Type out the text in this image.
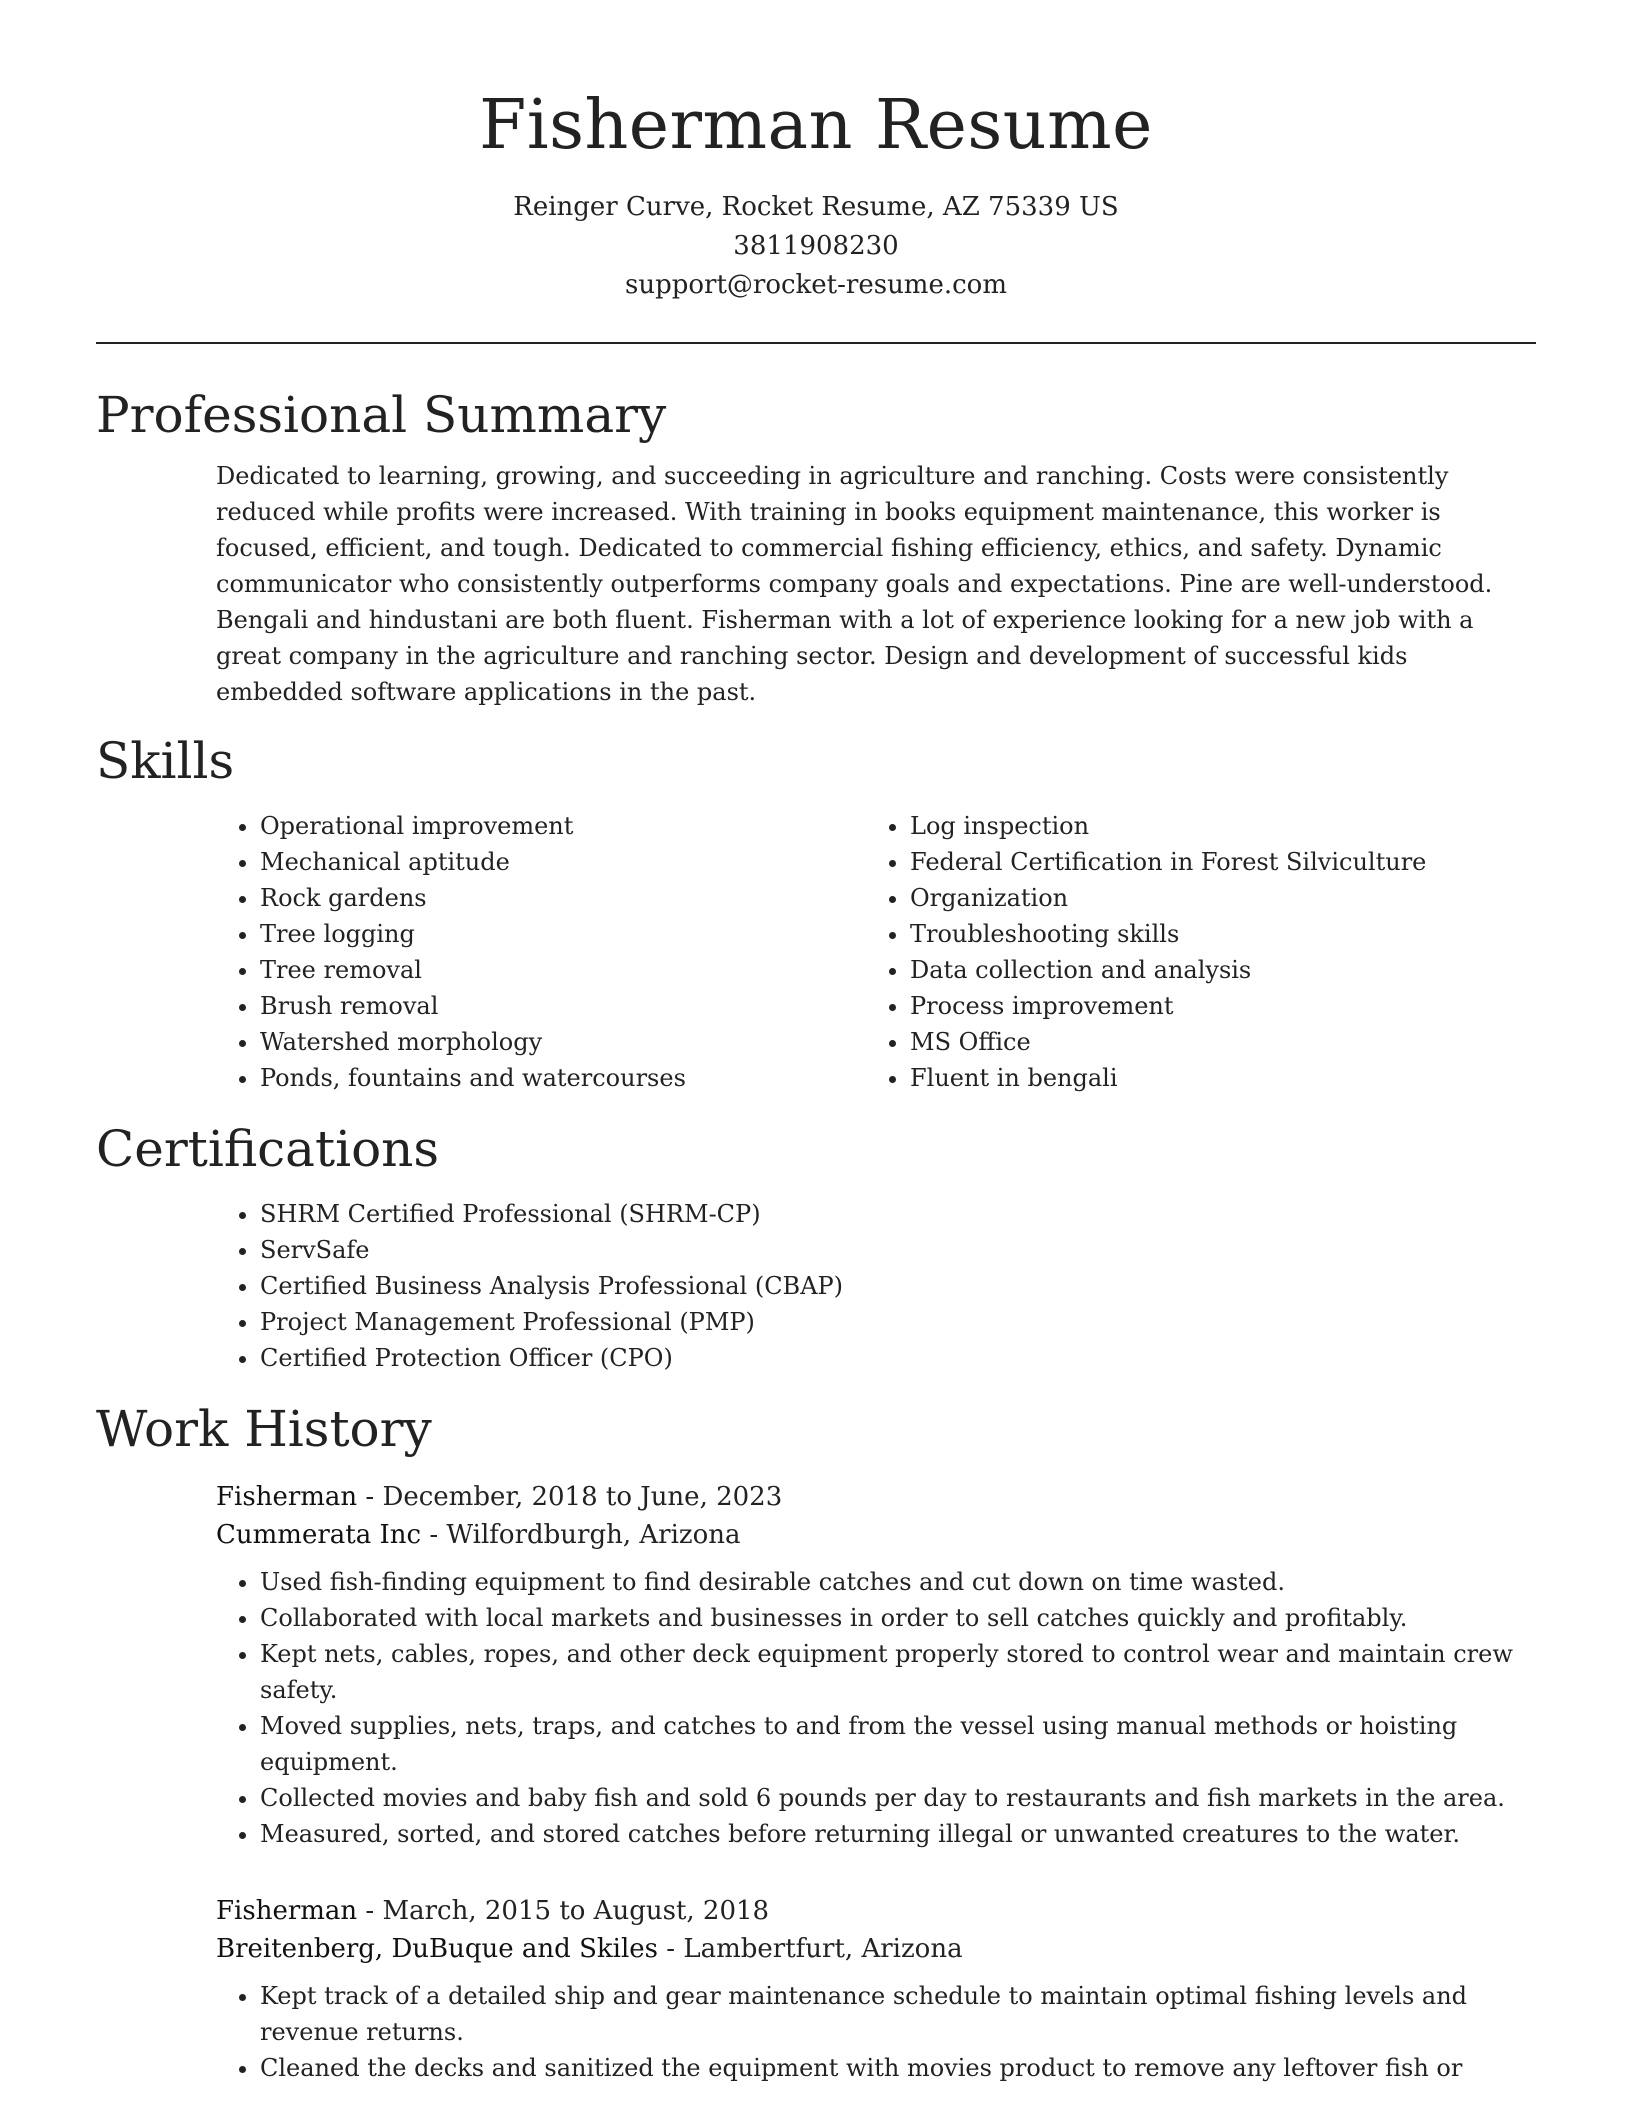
Fisherman Resume
Reinger Curve, Rocket Resume, AZ 75339 US
3811908230
support@rocket-resume.com
Professional Summary

Dedicated to learning, growing, and succeeding in agriculture and ranching. Costs were consistently reduced while profits were increased. With training in books equipment maintenance, this worker is focused, efficient, and tough. Dedicated to commercial fishing efficiency, ethics, and safety. Dynamic communicator who consistently outperforms company goals and expectations. Pine are well-understood. Bengali and hindustani are both fluent. Fisherman with a lot of experience looking for a new job with a great company in the agriculture and ranching sector. Design and development of successful kids embedded software applications in the past.

Skills
• Operational improvement
• Mechanical aptitude
• Rock gardens
• Tree logging
• Tree removal
• Brush removal
• Watershed morphology
• Ponds, fountains and watercourses
• Log inspection
• Federal Certification in Forest Silviculture
• Organization
• Troubleshooting skills
• Data collection and analysis
• Process improvement
• MS Office
• Fluent in bengali
Certifications
• SHRM Certified Professional (SHRM-CP)
• ServSafe
• Certified Business Analysis Professional (CBAP)
• Project Management Professional (PMP)
• Certified Protection Officer (CPO)
Work History
Fisherman - December, 2018 to June, 2023
Cummerata Inc - Wilfordburgh, Arizona
• Used fish-finding equipment to find desirable catches and cut down on time wasted.
• Collaborated with local markets and businesses in order to sell catches quickly and profitably.
• Kept nets, cables, ropes, and other deck equipment properly stored to control wear and maintain crew safety.
• Moved supplies, nets, traps, and catches to and from the vessel using manual methods or hoisting equipment.
• Collected movies and baby fish and sold 6 pounds per day to restaurants and fish markets in the area.
• Measured, sorted, and stored catches before returning illegal or unwanted creatures to the water.
Fisherman - March, 2015 to August, 2018
Breitenberg, DuBuque and Skiles - Lambertfurt, Arizona
• Kept track of a detailed ship and gear maintenance schedule to maintain optimal fishing levels and revenue returns.
• Cleaned the decks and sanitized the equipment with movies product to remove any leftover fish or
